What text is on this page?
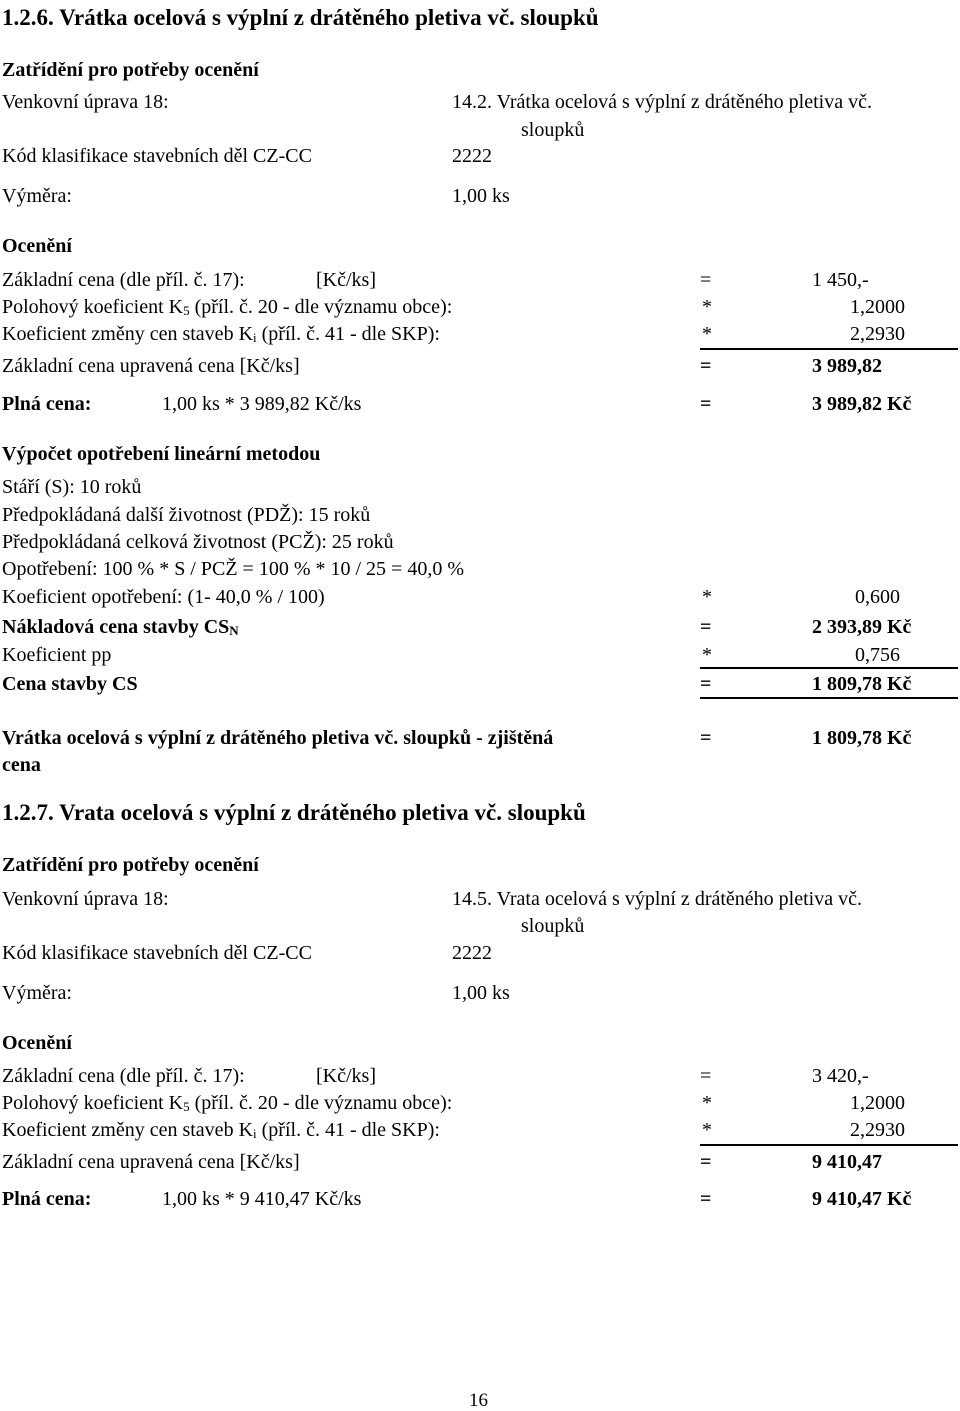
1.2.6. Vrátka ocelová s výplní z drátěného pletiva vč. sloupků
Zatřídění pro potřeby ocenění
Venkovní úprava 18:	14.2. Vrátka ocelová s výplní z drátěného pletiva vč.
sloupků
Kód klasifikace stavebních děl CZ-CC	2222
Výměra:	1,00 ks
Ocenění
Základní cena (dle příl. č. 17):	[Kč/ks]	=	1 450,-
Polohový koeficient $K_5$ (příl. č. 20 - dle významu obce):	*	1,2000
Koeficient změny cen staveb $K_i$ (příl. č. 41 - dle SKP):	*	2,2930
Základní cena upravená cena [Kč/ks]	=	3 989,82
Plná cena:	1,00 ks * 3 989,82 Kč/ks	=	3 989,82 Kč
Výpočet opotřebení lineární metodou
Stáří (S): 10 roků
Předpokládaná další životnost (PDŽ): 15 roků
Předpokládaná celková životnost (PCŽ): 25 roků
Opotřebení: 100 % * S / PCŽ = 100 % * 10 / 25 = 40,0 %
Koeficient opotřebení: (1- 40,0 % / 100)	*	0,600
Nákladová cena stavby $CS_N$	=	2 393,89 Kč
Koeficient pp	*	0,756
Cena stavby CS	=	1 809,78 Kč
Vrátka ocelová s výplní z drátěného pletiva vč. sloupků - zjištěná
cena
=	1 809,78 Kč
1.2.7. Vrata ocelová s výplní z drátěného pletiva vč. sloupků
Zatřídění pro potřeby ocenění
Venkovní úprava 18:	14.5. Vrata ocelová s výplní z drátěného pletiva vč.
sloupků
Kód klasifikace stavebních děl CZ-CC	2222
Výměra:	1,00 ks
Ocenění
Základní cena (dle příl. č. 17):	[Kč/ks]	=	3 420,-
Polohový koeficient $K_5$ (příl. č. 20 - dle významu obce):	*	1,2000
Koeficient změny cen staveb $K_i$ (příl. č. 41 - dle SKP):	*	2,2930
Základní cena upravená cena [Kč/ks]	=	9 410,47
Plná cena:	1,00 ks * 9 410,47 Kč/ks	=	9 410,47 Kč
16
